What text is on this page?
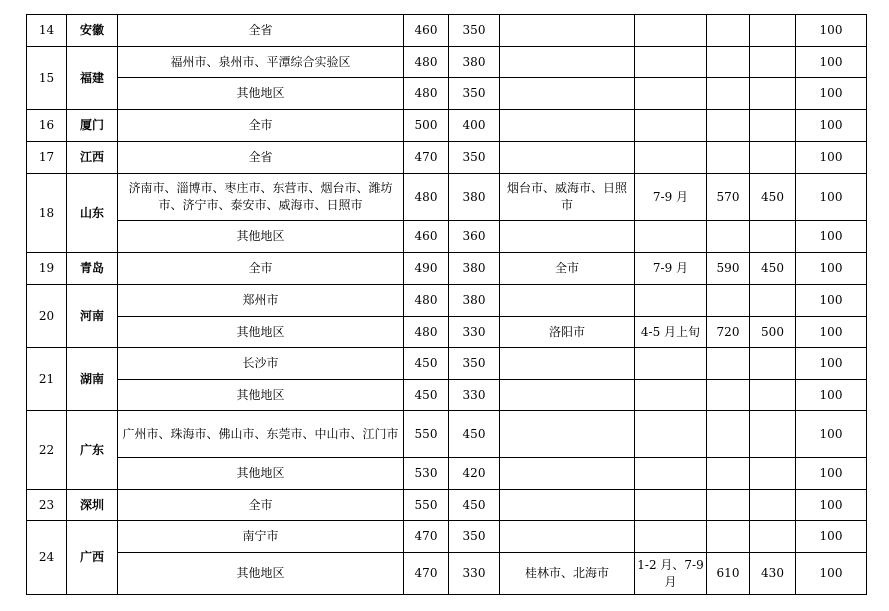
14	安徽	全省	460	350					100
15	福建	福州市、泉州市、平潭综合实验区	480	380					100
		其他地区	480	350					100
16	厦门	全市	500	400					100
17	江西	全省	470	350					100
18	山东	济南市、淄博市、枣庄市、东营市、烟台市、潍坊市、济宁市、泰安市、威海市、日照市	480	380	烟台市、威海市、日照市	7-9 月	570	450	100
		其他地区	460	360					100
19	青岛	全市	490	380	全市	7-9 月	590	450	100
20	河南	郑州市	480	380					100
		其他地区	480	330	洛阳市	4-5 月上旬	720	500	100
21	湖南	长沙市	450	350					100
		其他地区	450	330					100
22	广东	广州市、珠海市、佛山市、东莞市、中山市、江门市	550	450					100
		其他地区	530	420					100
23	深圳	全市	550	450					100
24	广西	南宁市	470	350					100
		其他地区	470	330	桂林市、北海市	1-2 月、7-9 月	610	430	100
